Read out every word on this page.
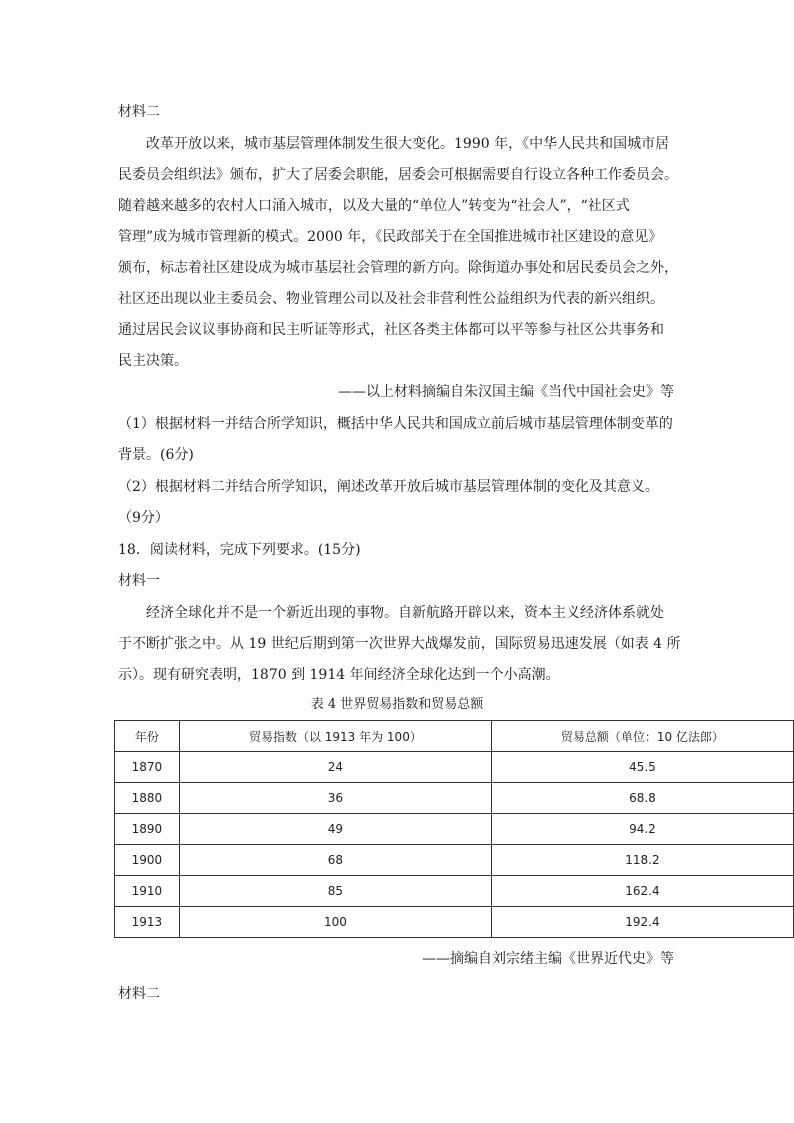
材料二
改革开放以来，城市基层管理体制发生很大变化。1990 年，《中华人民共和国城市居
民委员会组织法》颁布，扩大了居委会职能，居委会可根据需要自行设立各种工作委员会。
随着越来越多的农村人口涌入城市，以及大量的“单位人”转变为“社会人”，“社区式
管理”成为城市管理新的模式。2000 年，《民政部关于在全国推进城市社区建设的意见》
颁布，标志着社区建设成为城市基层社会管理的新方向。除街道办事处和居民委员会之外，
社区还出现以业主委员会、物业管理公司以及社会非营利性公益组织为代表的新兴组织。
通过居民会议议事协商和民主听证等形式，社区各类主体都可以平等参与社区公共事务和
民主决策。
——以上材料摘编自朱汉国主编《当代中国社会史》等
（1）根据材料一并结合所学知识，概括中华人民共和国成立前后城市基层管理体制变革的
背景。(6分)
（2）根据材料二并结合所学知识，阐述改革开放后城市基层管理体制的变化及其意义。
（9分）
18．阅读材料，完成下列要求。(15分)
材料一
经济全球化并不是一个新近出现的事物。自新航路开辟以来，资本主义经济体系就处
于不断扩张之中。从 19 世纪后期到第一次世界大战爆发前，国际贸易迅速发展（如表 4 所
示）。现有研究表明，1870 到 1914 年间经济全球化达到一个小高潮。
表 4 世界贸易指数和贸易总额
年份	贸易指数（以 1913 年为 100）	贸易总额（单位：10 亿法郎）
1870	24	45.5
1880	36	68.8
1890	49	94.2
1900	68	118.2
1910	85	162.4
1913	100	192.4
——摘编自刘宗绪主编《世界近代史》等
材料二
